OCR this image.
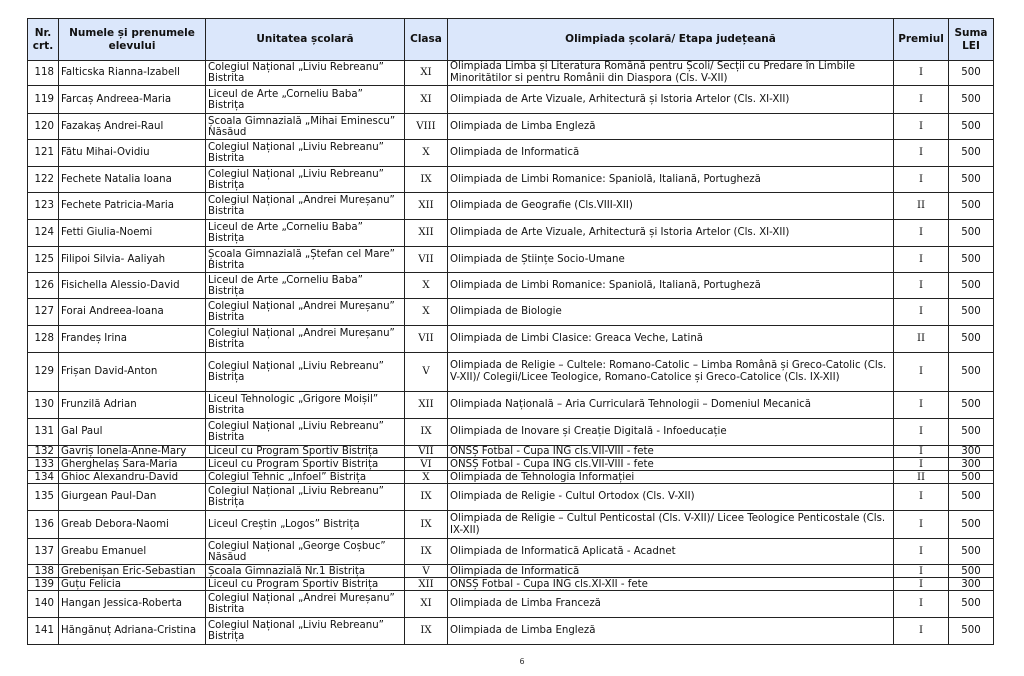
Nr. crt.	Numele și prenumele elevului	Unitatea școlară	Clasa	Olimpiada școlară/ Etapa județeană	Premiul	Suma LEI
118	Falticska Rianna-Izabell	Colegiul Național „Liviu Rebreanu” Bistrita	XI	Olimpiada Limba și Literatura Română pentru Școli/ Secții cu Predare în Limbile Minoritătilor si pentru Românii din Diaspora (Cls. V-XII)	I	500
119	Farcaș Andreea-Maria	Liceul de Arte „Corneliu Baba” Bistrița	XI	Olimpiada de Arte Vizuale, Arhitectură și Istoria Artelor (Cls. XI-XII)	I	500
120	Fazakaș Andrei-Raul	Școala Gimnazială „Mihai Eminescu” Năsăud	VIII	Olimpiada de Limba Engleză	I	500
121	Fătu Mihai-Ovidiu	Colegiul Național „Liviu Rebreanu” Bistrita	X	Olimpiada de Informatică	I	500
122	Fechete Natalia Ioana	Colegiul Național „Liviu Rebreanu” Bistrița	IX	Olimpiada de Limbi Romanice: Spaniolă, Italiană, Portugheză	I	500
123	Fechete Patricia-Maria	Colegiul Național „Andrei Mureșanu” Bistrita	XII	Olimpiada de Geografie (Cls.VIII-XII)	II	500
124	Fetti Giulia-Noemi	Liceul de Arte „Corneliu Baba” Bistrița	XII	Olimpiada de Arte Vizuale, Arhitectură și Istoria Artelor (Cls. XI-XII)	I	500
125	Filipoi Silvia- Aaliyah	Școala Gimnazială „Ștefan cel Mare” Bistrita	VII	Olimpiada de Științe Socio-Umane	I	500
126	Fisichella Alessio-David	Liceul de Arte „Corneliu Baba” Bistrița	X	Olimpiada de Limbi Romanice: Spaniolă, Italiană, Portugheză	I	500
127	Forai Andreea-Ioana	Colegiul Național „Andrei Mureșanu” Bistrita	X	Olimpiada de Biologie	I	500
128	Frandeș Irina	Colegiul Național „Andrei Mureșanu” Bistrita	VII	Olimpiada de Limbi Clasice: Greaca Veche, Latină	II	500
129	Frișan David-Anton	Colegiul Național „Liviu Rebreanu” Bistrița	V	Olimpiada de Religie – Cultele: Romano-Catolic – Limba Română și Greco-Catolic (Cls. V-XII)/ Colegii/Licee Teologice, Romano-Catolice și Greco-Catolice (Cls. IX-XII)	I	500
130	Frunzilă Adrian	Liceul Tehnologic „Grigore Moișil” Bistrita	XII	Olimpiada Națională – Aria Curriculară Tehnologii – Domeniul Mecanică	I	500
131	Gal Paul	Colegiul Național „Liviu Rebreanu” Bistrita	IX	Olimpiada de Inovare și Creație Digitală - Infoeducație	I	500
132	Gavriș Ionela-Anne-Mary	Liceul cu Program Sportiv Bistrița	VII	ONSȘ Fotbal - Cupa ING cls.VII-VIII - fete	I	300
133	Gherghelaș Sara-Maria	Liceul cu Program Sportiv Bistrița	VI	ONSȘ Fotbal - Cupa ING cls.VII-VIII - fete	I	300
134	Ghioc Alexandru-David	Colegiul Tehnic „Infoel” Bistrița	X	Olimpiada de Tehnologia Informației	II	500
135	Giurgean Paul-Dan	Colegiul Național „Liviu Rebreanu” Bistrița	IX	Olimpiada de Religie - Cultul Ortodox (Cls. V-XII)	I	500
136	Greab Debora-Naomi	Liceul Creștin „Logos” Bistrița	IX	Olimpiada de Religie – Cultul Penticostal (Cls. V-XII)/ Licee Teologice Penticostale (Cls. IX-XII)	I	500
137	Greabu Emanuel	Colegiul Național „George Coșbuc” Năsăud	IX	Olimpiada de Informatică Aplicată - Acadnet	I	500
138	Grebenișan Eric-Sebastian	Școala Gimnazială Nr.1 Bistrița	V	Olimpiada de Informatică	I	500
139	Guțu Felicia	Liceul cu Program Sportiv Bistrița	XII	ONSȘ Fotbal - Cupa ING cls.XI-XII - fete	I	300
140	Hangan Jessica-Roberta	Colegiul Național „Andrei Mureșanu” Bistrita	XI	Olimpiada de Limba Franceză	I	500
141	Hăngănuț Adriana-Cristina	Colegiul Național „Liviu Rebreanu” Bistrița	IX	Olimpiada de Limba Engleză	I	500
6
